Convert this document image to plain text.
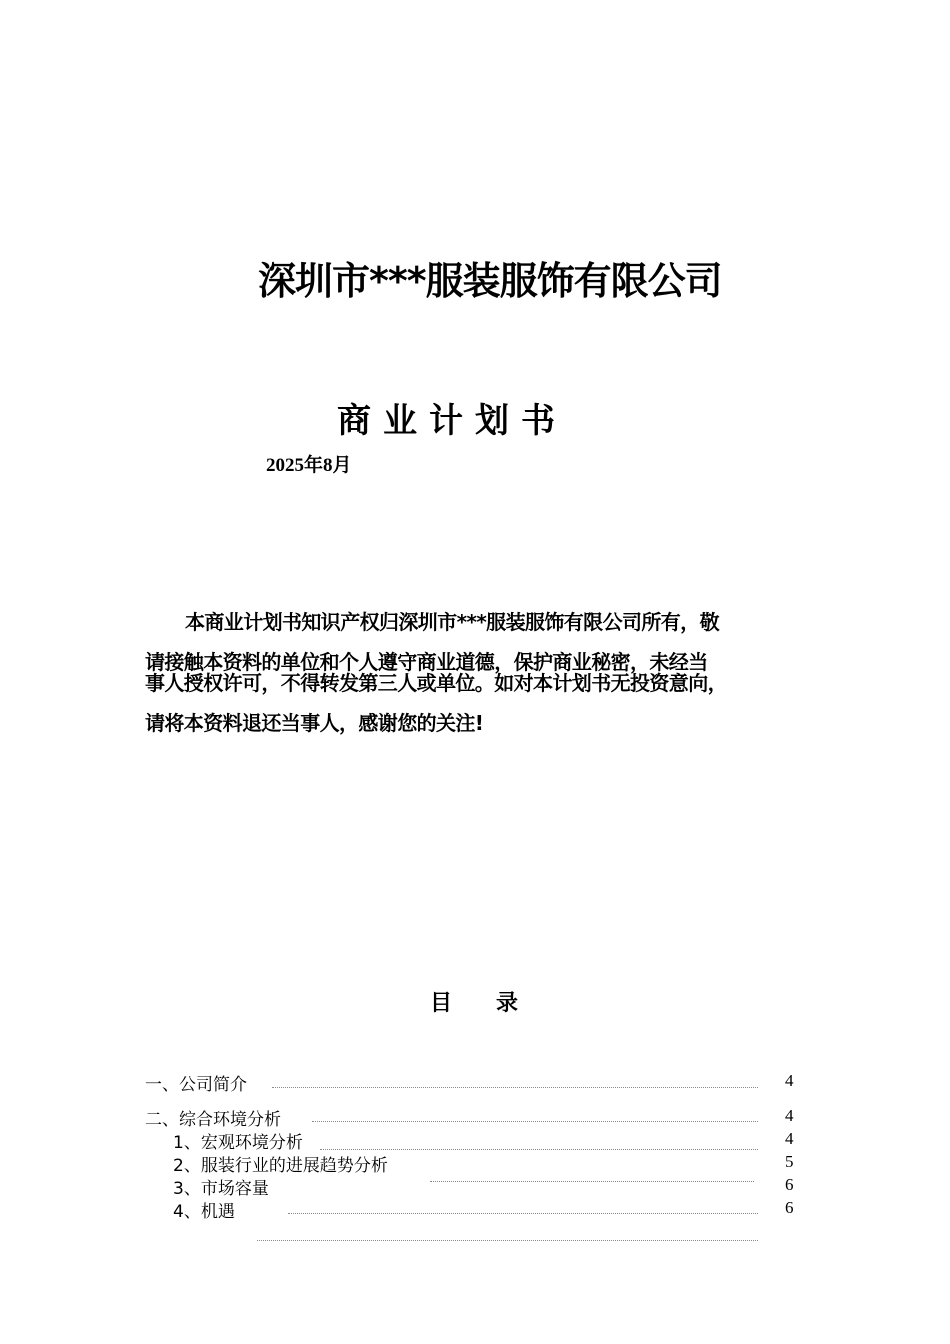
深圳市***服装服饰有限公司
商业计划书
2025年8月
本商业计划书知识产权归深圳市***服装服饰有限公司所有，敬
请接触本资料的单位和个人遵守商业道德，保护商业秘密，未经当
事人授权许可，不得转发第三人或单位。如对本计划书无投资意向，
请将本资料退还当事人，感谢您的关注!
目录
一、公司简介	4
二、综合环境分析	4
1、宏观环境分析	4
2、服装行业的进展趋势分析	5
3、市场容量	6
4、机遇	6
